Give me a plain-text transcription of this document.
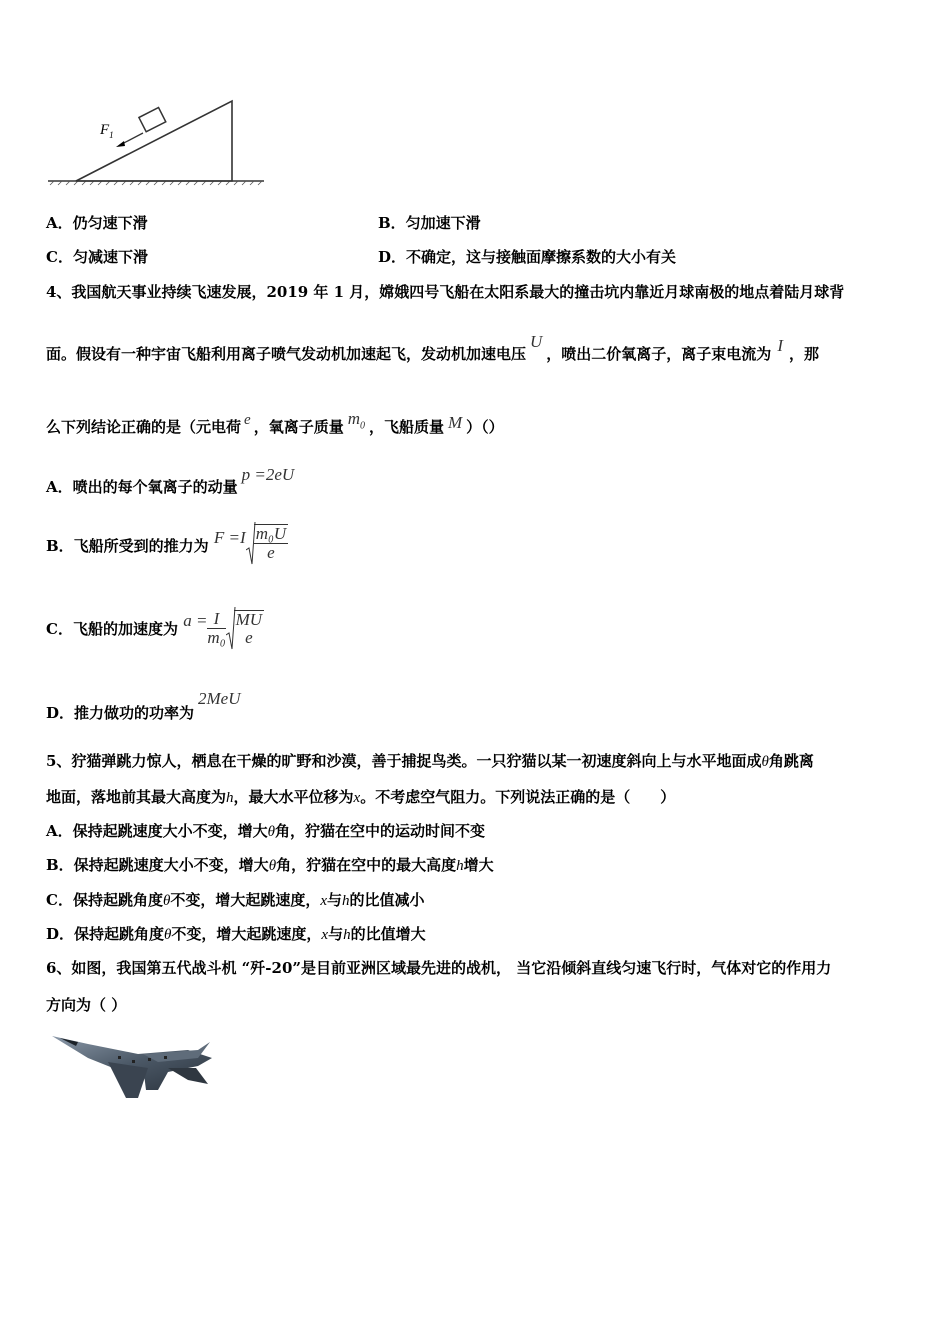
$F_1$
A．仍匀速下滑	B．匀加速下滑
C．匀减速下滑	D．不确定，这与接触面摩擦系数的大小有关
4、我国航天事业持续飞速发展，2019 年 1 月，嫦娥四号飞船在太阳系最大的撞击坑内靠近月球南极的地点着陆月球背
面。假设有一种宇宙飞船利用离子喷气发动机加速起飞，发动机加速电压U，喷出二价氧离子，离子束电流为 I ，那
么下列结论正确的是（元电荷 e ，氧离子质量 $m_0$ ，飞船质量 M ）（）
A．喷出的每个氧离子的动量p =2eU
B．飞船所受到的推力为 $F =I \frac{\text{m₀U}}{e}$
C．飞船的加速度为 $a = \frac{I}{\text{m₀}}$ MU
e
D．推力做功的功率为2MeU
5、狞猫弹跳力惊人，栖息在干燥的旷野和沙漠，善于捕捉鸟类。一只狞猫以某一初速度斜向上与水平地面成θ角跳离
地面，落地前其最大高度为h，最大水平位移为x。不考虑空气阻力。下列说法正确的是（　　）
A．保持起跳速度大小不变，增大θ角，狞猫在空中的运动时间不变
B．保持起跳速度大小不变，增大θ角，狞猫在空中的最大高度h增大
C．保持起跳角度θ不变，增大起跳速度，x与h的比值减小
D．保持起跳角度θ不变，增大起跳速度，x与h的比值增大
6、如图，我国第五代战斗机 “歼-20”是目前亚洲区域最先进的战机， 当它沿倾斜直线匀速飞行时，气体对它的作用力
方向为（ ）
